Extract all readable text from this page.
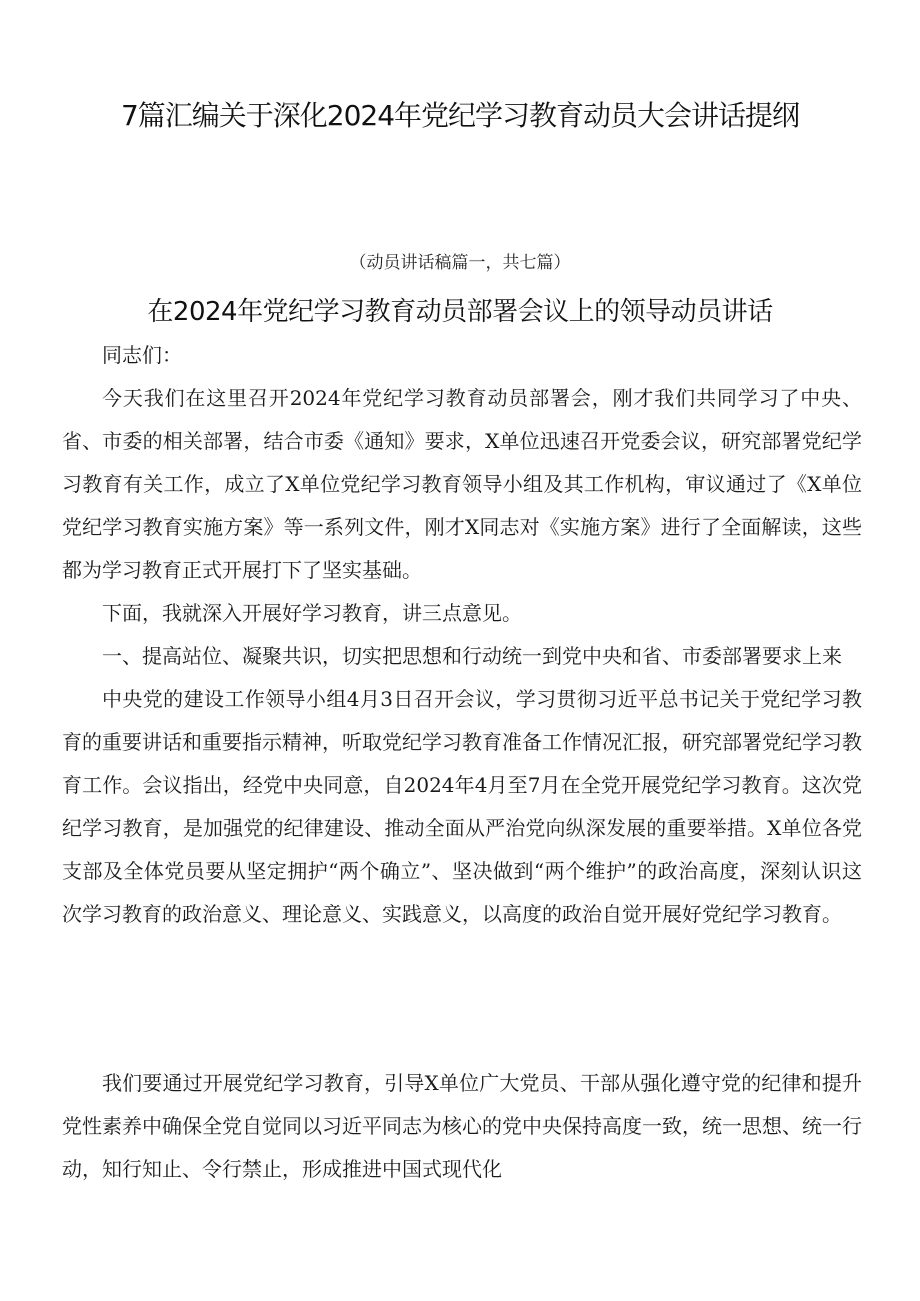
7篇汇编关于深化2024年党纪学习教育动员大会讲话提纲
（动员讲话稿篇一，共七篇）
在2024年党纪学习教育动员部署会议上的领导动员讲话

同志们：

今天我们在这里召开2024年党纪学习教育动员部署会，刚才我们共同学习了中央、省、市委的相关部署，结合市委《通知》要求，X单位迅速召开党委会议，研究部署党纪学习教育有关工作，成立了X单位党纪学习教育领导小组及其工作机构，审议通过了《X单位党纪学习教育实施方案》等一系列文件，刚才X同志对《实施方案》进行了全面解读，这些都为学习教育正式开展打下了坚实基础。

下面，我就深入开展好学习教育，讲三点意见。

一、提高站位、凝聚共识，切实把思想和行动统一到党中央和省、市委部署要求上来

中央党的建设工作领导小组4月3日召开会议，学习贯彻习近平总书记关于党纪学习教育的重要讲话和重要指示精神，听取党纪学习教育准备工作情况汇报，研究部署党纪学习教育工作。会议指出，经党中央同意，自2024年4月至7月在全党开展党纪学习教育。这次党纪学习教育，是加强党的纪律建设、推动全面从严治党向纵深发展的重要举措。X单位各党支部及全体党员要从坚定拥护“两个确立”、坚决做到“两个维护”的政治高度，深刻认识这次学习教育的政治意义、理论意义、实践意义，以高度的政治自觉开展好党纪学习教育。

我们要通过开展党纪学习教育，引导X单位广大党员、干部从强化遵守党的纪律和提升党性素养中确保全党自觉同以习近平同志为核心的党中央保持高度一致，统一思想、统一行动，知行知止、令行禁止，形成推进中国式现代化
